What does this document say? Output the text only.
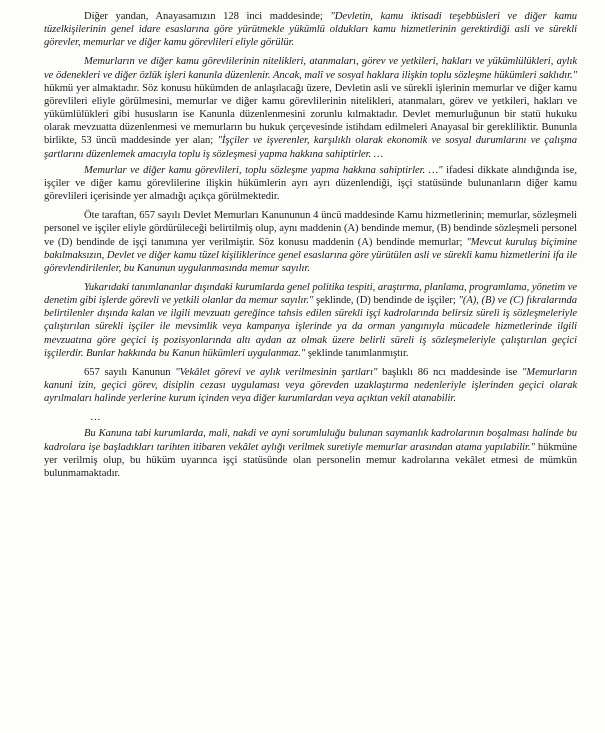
Diğer yandan, Anayasamızın 128 inci maddesinde; "Devletin, kamu iktisadi teşebbüsleri ve diğer kamu tüzelkişilerinin genel idare esaslarına göre yürütmekle yükümlü oldukları kamu hizmetlerinin gerektirdiği asli ve sürekli görevler, memurlar ve diğer kamu görevlileri eliyle görülür.

Memurların ve diğer kamu görevlilerinin nitelikleri, atanmaları, görev ve yetkileri, hakları ve yükümlülükleri, aylık ve ödenekleri ve diğer özlük işleri kanunla düzenlenir. Ancak, malî ve sosyal haklara ilişkin toplu sözleşme hükümleri saklıdır." hükmü yer almaktadır. Söz konusu hükümden de anlaşılacağı üzere, Devletin asli ve sürekli işlerinin memurlar ve diğer kamu görevlileri eliyle görülmesini, memurlar ve diğer kamu görevlilerinin nitelikleri, atanmaları, görev ve yetkileri, hakları ve yükümlülükleri gibi hususların ise Kanunla düzenlenmesini zorunlu kılmaktadır. Devlet memurluğunun bir statü hukuku olarak mevzuatta düzenlenmesi ve memurların bu hukuk çerçevesinde istihdam edilmeleri Anayasal bir gerekliliktir. Bununla birlikte, 53 üncü maddesinde yer alan; "İşçiler ve işverenler, karşılıklı olarak ekonomik ve sosyal durumlarını ve çalışma şartlarını düzenlemek amacıyla toplu iş sözleşmesi yapma hakkına sahiptirler. …

Memurlar ve diğer kamu görevlileri, toplu sözleşme yapma hakkına sahiptirler. …" ifadesi dikkate alındığında ise, işçiler ve diğer kamu görevlilerine ilişkin hükümlerin ayrı ayrı düzenlendiği, işçi statüsünde bulunanların diğer kamu görevlileri içerisinde yer almadığı açıkça görülmektedir.

Öte taraftan, 657 sayılı Devlet Memurları Kanununun 4 üncü maddesinde Kamu hizmetlerinin; memurlar, sözleşmeli personel ve işçiler eliyle gördürüleceği belirtilmiş olup, aynı maddenin (A) bendinde memur, (B) bendinde sözleşmeli personel ve (D) bendinde de işçi tanımına yer verilmiştir. Söz konusu maddenin (A) bendinde memurlar; "Mevcut kuruluş biçimine bakılmaksızın, Devlet ve diğer kamu tüzel kişiliklerince genel esaslarına göre yürütülen asli ve sürekli kamu hizmetlerini ifa ile görevlendirilenler, bu Kanunun uygulanmasında memur sayılır.

Yukarıdaki tanımlananlar dışındaki kurumlarda genel politika tespiti, araştırma, planlama, programlama, yönetim ve denetim gibi işlerde görevli ve yetkili olanlar da memur sayılır." şeklinde, (D) bendinde de işçiler; "(A), (B) ve (C) fıkralarında belirtilenler dışında kalan ve ilgili mevzuatı gereğince tahsis edilen sürekli işçi kadrolarında belirsiz süreli iş sözleşmeleriyle çalıştırılan sürekli işçiler ile mevsimlik veya kampanya işlerinde ya da orman yangınıyla mücadele hizmetlerinde ilgili mevzuatına göre geçici iş pozisyonlarında altı aydan az olmak üzere belirli süreli iş sözleşmeleriyle çalıştırılan geçici işçilerdir. Bunlar hakkında bu Kanun hükümleri uygulanmaz." şeklinde tanımlanmıştır.

657 sayılı Kanunun "Vekâlet görevi ve aylık verilmesinin şartları" başlıklı 86 ncı maddesinde ise "Memurların kanuni izin, geçici görev, disiplin cezası uygulaması veya görevden uzaklaştırma nedenleriyle işlerinden geçici olarak ayrılmaları halinde yerlerine kurum içinden veya diğer kurumlardan veya açıktan vekil atanabilir.

…

Bu Kanuna tabi kurumlarda, mali, nakdi ve ayni sorumluluğu bulunan saymanlık kadrolarının boşalması halinde bu kadrolara işe başladıkları tarihten itibaren vekâlet aylığı verilmek suretiyle memurlar arasından atama yapılabilir." hükmüne yer verilmiş olup, bu hüküm uyarınca işçi statüsünde olan personelin memur kadrolarına vekâlet etmesi de mümkün bulunmamaktadır.
